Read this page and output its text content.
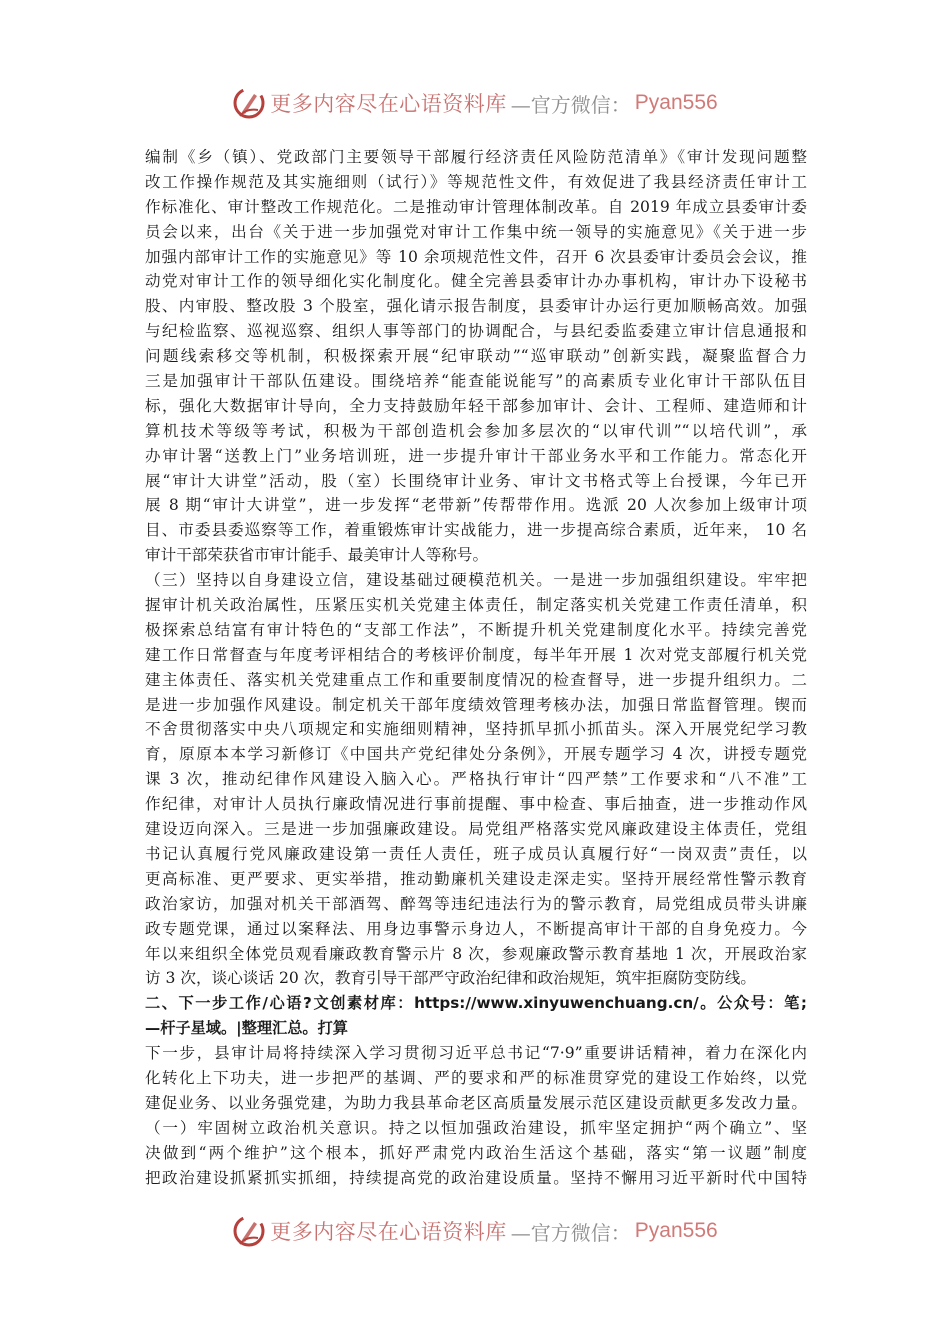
更多内容尽在心语资料库 —官方微信： Pyan556
编制《乡（镇）、党政部门主要领导干部履行经济责任风险防范清单》《审计发现问题整
改工作操作规范及其实施细则（试行）》等规范性文件，有效促进了我县经济责任审计工
作标准化、审计整改工作规范化。二是推动审计管理体制改革。自 2019 年成立县委审计委
员会以来，出台《关于进一步加强党对审计工作集中统一领导的实施意见》《关于进一步
加强内部审计工作的实施意见》等 10 余项规范性文件，召开 6 次县委审计委员会会议，推
动党对审计工作的领导细化实化制度化。健全完善县委审计办办事机构，审计办下设秘书
股、内审股、整改股 3 个股室，强化请示报告制度，县委审计办运行更加顺畅高效。加强
与纪检监察、巡视巡察、组织人事等部门的协调配合，与县纪委监委建立审计信息通报和
问题线索移交等机制，积极探索开展“纪审联动”“巡审联动”创新实践，凝聚监督合力
三是加强审计干部队伍建设。围绕培养“能查能说能写”的高素质专业化审计干部队伍目
标，强化大数据审计导向，全力支持鼓励年轻干部参加审计、会计、工程师、建造师和计
算机技术等级等考试，积极为干部创造机会参加多层次的“以审代训”“以培代训”，承
办审计署“送教上门”业务培训班，进一步提升审计干部业务水平和工作能力。常态化开
展“审计大讲堂”活动，股（室）长围绕审计业务、审计文书格式等上台授课，今年已开
展 8 期“审计大讲堂”，进一步发挥“老带新”传帮带作用。选派 20 人次参加上级审计项
目、市委县委巡察等工作，着重锻炼审计实战能力，进一步提高综合素质，近年来， 10 名
审计干部荣获省市审计能手、最美审计人等称号。
（三）坚持以自身建设立信，建设基础过硬模范机关。一是进一步加强组织建设。牢牢把
握审计机关政治属性，压紧压实机关党建主体责任，制定落实机关党建工作责任清单，积
极探索总结富有审计特色的“支部工作法”，不断提升机关党建制度化水平。持续完善党
建工作日常督查与年度考评相结合的考核评价制度，每半年开展 1 次对党支部履行机关党
建主体责任、落实机关党建重点工作和重要制度情况的检查督导，进一步提升组织力。二
是进一步加强作风建设。制定机关干部年度绩效管理考核办法，加强日常监督管理。锲而
不舍贯彻落实中央八项规定和实施细则精神，坚持抓早抓小抓苗头。深入开展党纪学习教
育，原原本本学习新修订《中国共产党纪律处分条例》，开展专题学习 4 次，讲授专题党
课 3 次，推动纪律作风建设入脑入心。严格执行审计“四严禁”工作要求和“八不准”工
作纪律，对审计人员执行廉政情况进行事前提醒、事中检查、事后抽查，进一步推动作风
建设迈向深入。三是进一步加强廉政建设。局党组严格落实党风廉政建设主体责任，党组
书记认真履行党风廉政建设第一责任人责任，班子成员认真履行好“一岗双责”责任，以
更高标准、更严要求、更实举措，推动勤廉机关建设走深走实。坚持开展经常性警示教育
政治家访，加强对机关干部酒驾、醉驾等违纪违法行为的警示教育，局党组成员带头讲廉
政专题党课，通过以案释法、用身边事警示身边人，不断提高审计干部的自身免疫力。今
年以来组织全体党员观看廉政教育警示片 8 次，参观廉政警示教育基地 1 次，开展政治家
访 3 次，谈心谈话 20 次，教育引导干部严守政治纪律和政治规矩，筑牢拒腐防变防线。
二、下一步工作/心语?文创素材库：https://www.xinyuwenchuang.cn/。公众号：笔;
—杆子星域。|整理汇总。打算
下一步，县审计局将持续深入学习贯彻习近平总书记“7·9”重要讲话精神，着力在深化内
化转化上下功夫，进一步把严的基调、严的要求和严的标准贯穿党的建设工作始终，以党
建促业务、以业务强党建，为助力我县革命老区高质量发展示范区建设贡献更多发改力量。
（一）牢固树立政治机关意识。持之以恒加强政治建设，抓牢坚定拥护“两个确立”、坚
决做到“两个维护”这个根本，抓好严肃党内政治生活这个基础，落实“第一议题”制度
把政治建设抓紧抓实抓细，持续提高党的政治建设质量。坚持不懈用习近平新时代中国特
更多内容尽在心语资料库 —官方微信： Pyan556
